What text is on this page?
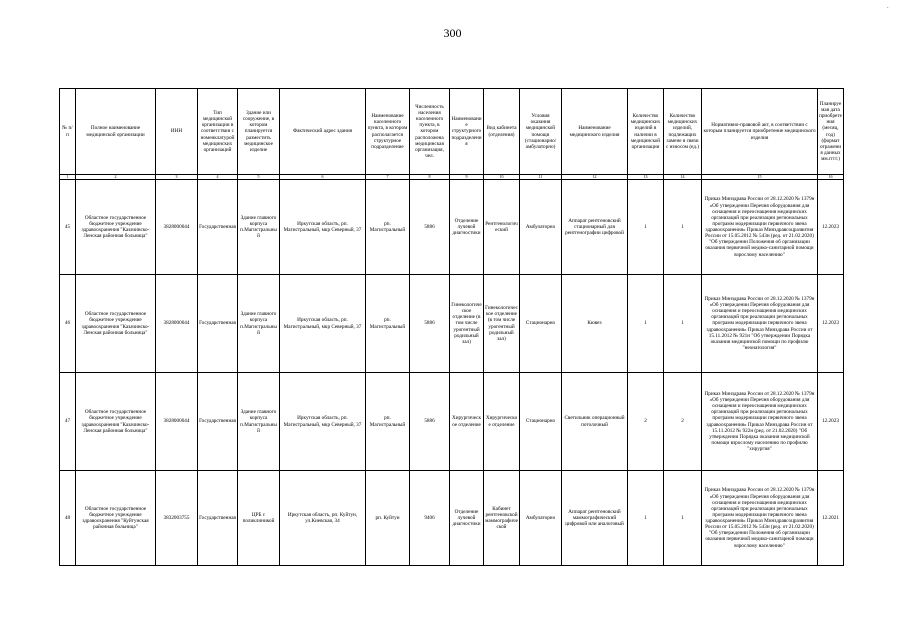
300
·
№ п/п	Полное наименование медицинской организации	ИНН	Тип медицинской организации в соответствии с номенклатурой медицинских организаций	Здание или сооружение, в котором планируется разместить медицинское изделие	Фактический адрес здания	Наименование населенного пункта, в котором располагается структурное подразделение	Численность населения населенного пункта, в котором расположена медицинская организация, чел.	Наименование структурного подразделения	Вид кабинета (отделения)	Условия оказания медицинской помощи (стационарно/амбулаторно)	Наименование медицинского изделия	Количество медицинских изделий в наличии в медицинской организации	Количество медицинских изделий, подлежащих замене в связи с износом (ед.)	Нормативно-правовой акт, в соответствии с которым планируется приобретение медицинского изделия	Планируемая дата приобретения (месяц, год) (формат отражения данных мм.гггг.)
1	2	3	4	5	6	7	8	9	10	11	12	13	14	15	16
45	Областное государственное бюджетное учреждение здравоохранения "Казачинско-Ленская районная больница"	3828000044	Государственная	Здание главного корпуса п.Магистральный	Иркутская область, рп. Магистральный, мкр Северный, 37	рп. Магистральный	5886	Отделение лучевой диагностики	Рентгенологический	Амбулаторно	Аппарат рентгеновский стационарный для рентгенографии цифровой	1	1	Приказ Минздрава России от 28.12.2020 № 1379н «Об утверждении Перечня оборудования для оснащения и переоснащения медицинских организаций при реализации региональных программ модернизации первичного звена здравоохранения» Приказ Минздравсоцразвития России от 15.05.2012 № 543н (ред. от 21.02.2020) "Об утверждении Положения об организации оказания первичной медико-санитарной помощи взрослому населению"	12.2023
46	Областное государственное бюджетное учреждение здравоохранения "Казачинско-Ленская районная больница"	3828000044	Государственная	Здание главного корпуса п.Магистральный	Иркутская область, рп. Магистральный, мкр Северный, 37	рп. Магистральный	5886	Гинекологическое отделение (в том числе урогентный родильный зал)	Гинекологическое отделение (в том числе урогентный родильный зал)	Стационарно	Кювез	1	1	Приказ Минздрава России от 28.12.2020 № 1379н «Об утверждении Перечня оборудования для оснащения и переоснащения медицинских организаций при реализации региональных программ модернизации первичного звена здравоохранения» Приказ Минздрава России от 15.11.2012 № 921н "Об утверждении Порядка оказания медицинской помощи по профилю "неонатология"	12.2023
47	Областное государственное бюджетное учреждение здравоохранения "Казачинско-Ленская районная больница"	3828000044	Государственная	Здание главного корпуса п.Магистральный	Иркутская область, рп. Магистральный, мкр Северный, 37	рп. Магистральный	5886	Хирургическое отделение	Хирургическое отделение	Стационарно	Светильник операционный потолочный	2	2	Приказ Минздрава России от 28.12.2020 № 1379н «Об утверждении Перечня оборудования для оснащения и переоснащения медицинских организаций при реализации региональных программ модернизации первичного звена здравоохранения» Приказ Минздрава России от 15.11.2012 № 922н (ред. от 21.02.2020) "Об утверждении Порядка оказания медицинской помощи взрослому населению по профилю "хирургия"	12.2023
48	Областное государственное бюджетное учреждение здравоохранения "Куйтунская районная больница"	3832003755	Государственная	ЦРБ с поликлиникой	Иркутская область, рп. Куйтун, ул.Киевская, 34	рп. Куйтун	9406	Отделение лучевой диагностики	Кабинет рентгеновской маммографической	Амбулаторно	Аппарат рентгеновский маммографический цифровой или аналоговый	1	1	Приказ Минздрава России от 28.12.2020 № 1379н «Об утверждении Перечня оборудования для оснащения и переоснащения медицинских организаций при реализации региональных программ модернизации первичного звена здравоохранения» Приказ Минздравсоцразвития России от 15.05.2012 № 543н (ред. от 21.02.2020) "Об утверждении Положения об организации оказания первичной медико-санитарной помощи взрослому населению"	12.2021
